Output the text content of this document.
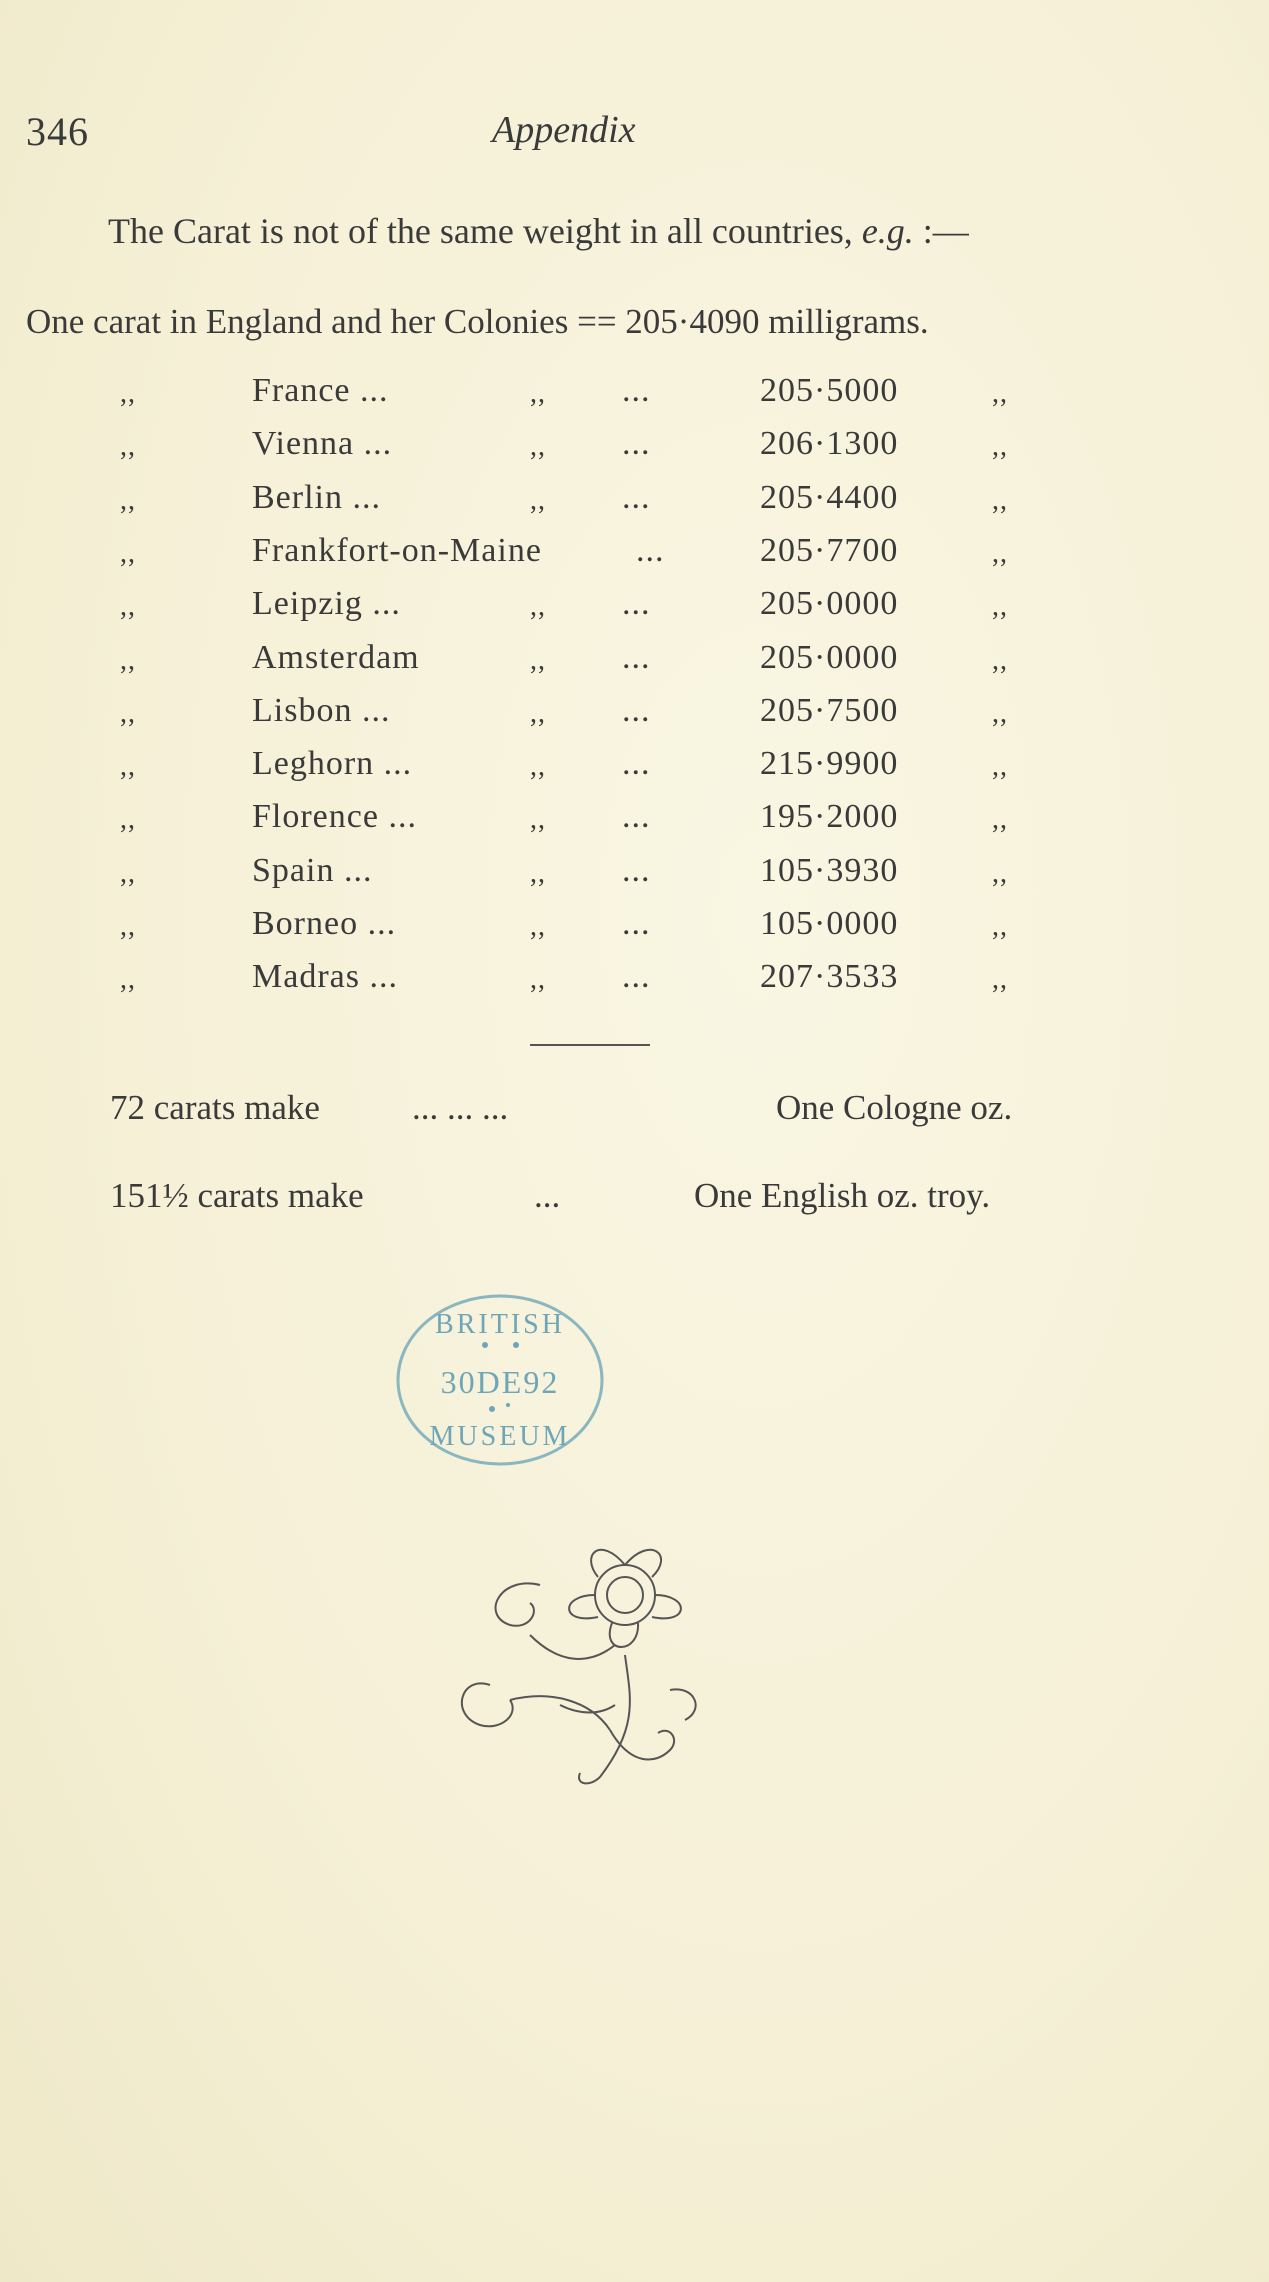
346	Appendix
The Carat is not of the same weight in all countries, e.g. :—
One carat in England and her Colonies == 205·4090 milligrams.
,,	France ...	,, ...	205·5000	,,
,,	Vienna ...	,, ...	206·1300	,,
,,	Berlin ...	,, ...	205·4400	,,
,,	Frankfort-on-Maine	...	205·7700	,,
,,	Leipzig ...	,, ...	205·0000	,,
,,	Amsterdam	,, ...	205·0000	,,
,,	Lisbon ...	,, ...	205·7500	,,
,,	Leghorn ...	,, ...	215·9900	,,
,,	Florence ...	,, ...	195·2000	,,
,,	Spain ...	,, ...	105·3930	,,
,,	Borneo ...	,, ...	105·0000	,,
,,	Madras ...	,, ...	207·3533	,,
72 carats make	... ... ...	One Cologne oz.
151½ carats make	...	One English oz. troy.
BRITISH
30DE92
MUSEUM
